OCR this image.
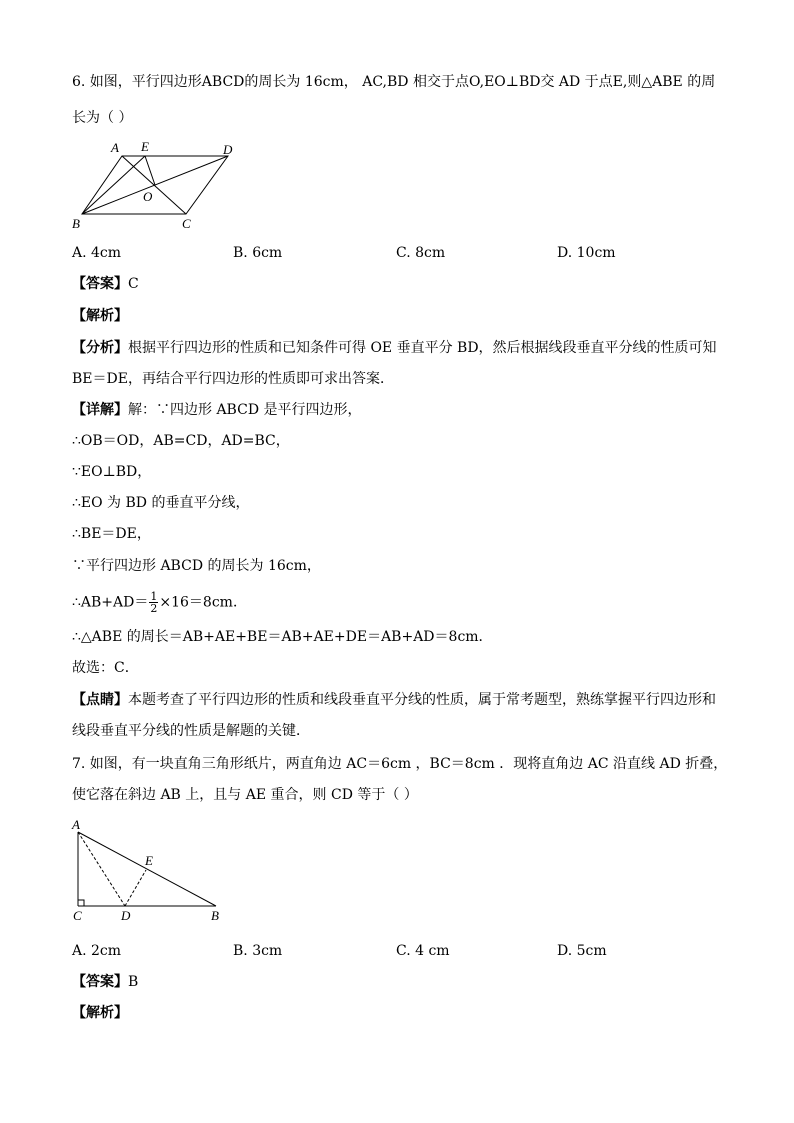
6. 如图，平行四边形ABCD的周长为 16cm， AC,BD 相交于点O,EO⊥BD交 AD 于点E,则△ABE 的周
长为（ ）
A E	D
O
B	C
A. 4cm	B. 6cm	C. 8cm	D. 10cm
【答案】C
【解析】
【分析】根据平行四边形的性质和已知条件可得 OE 垂直平分 BD，然后根据线段垂直平分线的性质可知
BE＝DE，再结合平行四边形的性质即可求出答案．
【详解】解：∵四边形 ABCD 是平行四边形，
∴OB＝OD，AB=CD，AD=BC，
∵EO⊥BD，
∴EO 为 BD 的垂直平分线，
∴BE＝DE，
∵平行四边形 ABCD 的周长为 16cm，
∴AB+AD＝ $\frac{1}{2} \times 16=8cm$．
∴△ABE 的周长＝AB+AE+BE＝AB+AE+DE＝AB+AD＝8cm．
故选：C．
【点睛】本题考查了平行四边形的性质和线段垂直平分线的性质，属于常考题型，熟练掌握平行四边形和
线段垂直平分线的性质是解题的关键．
7. 如图，有一块直角三角形纸片，两直角边 AC＝6cm ，BC＝8cm ．现将直角边 AC 沿直线 AD 折叠，
使它落在斜边 AB 上，且与 AE 重合，则 CD 等于（ ）
A
E
C	D	B
A. 2cm	B. 3cm	C. 4 cm	D. 5cm
【答案】B
【解析】
